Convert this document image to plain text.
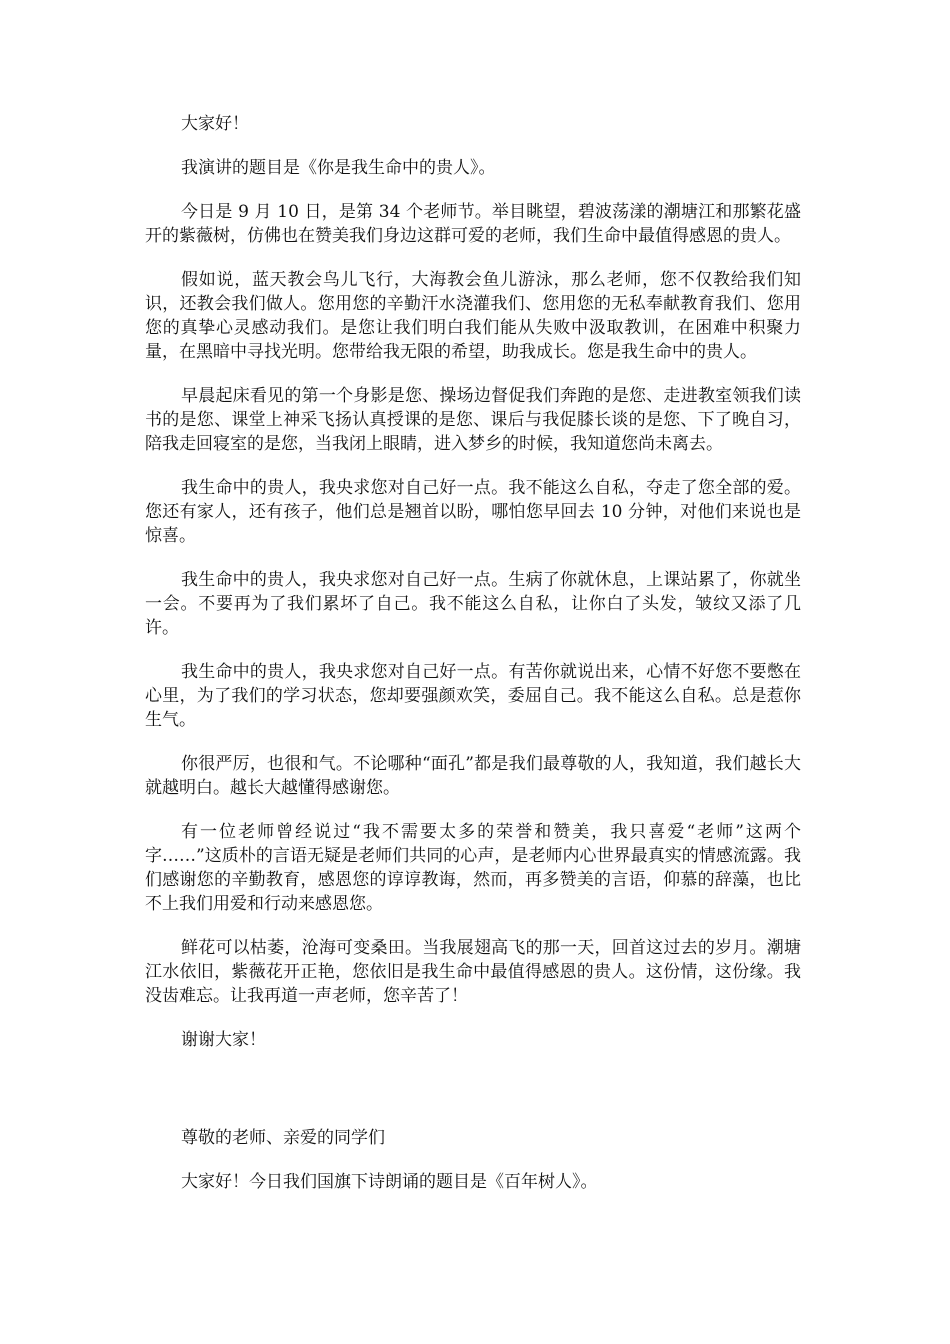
大家好！

我演讲的题目是《你是我生命中的贵人》。

今日是 9 月 10 日，是第 34 个老师节。举目眺望，碧波荡漾的潮塘江和那繁花盛开的紫薇树，仿佛也在赞美我们身边这群可爱的老师，我们生命中最值得感恩的贵人。

假如说，蓝天教会鸟儿飞行，大海教会鱼儿游泳，那么老师，您不仅教给我们知识，还教会我们做人。您用您的辛勤汗水浇灌我们、您用您的无私奉献教育我们、您用您的真挚心灵感动我们。是您让我们明白我们能从失败中汲取教训，在困难中积聚力量，在黑暗中寻找光明。您带给我无限的希望，助我成长。您是我生命中的贵人。

早晨起床看见的第一个身影是您、操场边督促我们奔跑的是您、走进教室领我们读书的是您、课堂上神采飞扬认真授课的是您、课后与我促膝长谈的是您、下了晚自习，陪我走回寝室的是您，当我闭上眼睛，进入梦乡的时候，我知道您尚未离去。

我生命中的贵人，我央求您对自己好一点。我不能这么自私，夺走了您全部的爱。您还有家人，还有孩子，他们总是翘首以盼，哪怕您早回去 10 分钟，对他们来说也是惊喜。

我生命中的贵人，我央求您对自己好一点。生病了你就休息，上课站累了，你就坐一会。不要再为了我们累坏了自己。我不能这么自私，让你白了头发，皱纹又添了几许。

我生命中的贵人，我央求您对自己好一点。有苦你就说出来，心情不好您不要憋在心里，为了我们的学习状态，您却要强颜欢笑，委屈自己。我不能这么自私。总是惹你生气。

你很严厉，也很和气。不论哪种“面孔”都是我们最尊敬的人，我知道，我们越长大就越明白。越长大越懂得感谢您。

有一位老师曾经说过“我不需要太多的荣誉和赞美，我只喜爱“老师”这两个字……”这质朴的言语无疑是老师们共同的心声，是老师内心世界最真实的情感流露。我们感谢您的辛勤教育，感恩您的谆谆教诲，然而，再多赞美的言语，仰慕的辞藻，也比不上我们用爱和行动来感恩您。

鲜花可以枯萎，沧海可变桑田。当我展翅高飞的那一天，回首这过去的岁月。潮塘江水依旧，紫薇花开正艳，您依旧是我生命中最值得感恩的贵人。这份情，这份缘。我没齿难忘。让我再道一声老师，您辛苦了！

谢谢大家！

尊敬的老师、亲爱的同学们

大家好！今日我们国旗下诗朗诵的题目是《百年树人》。
